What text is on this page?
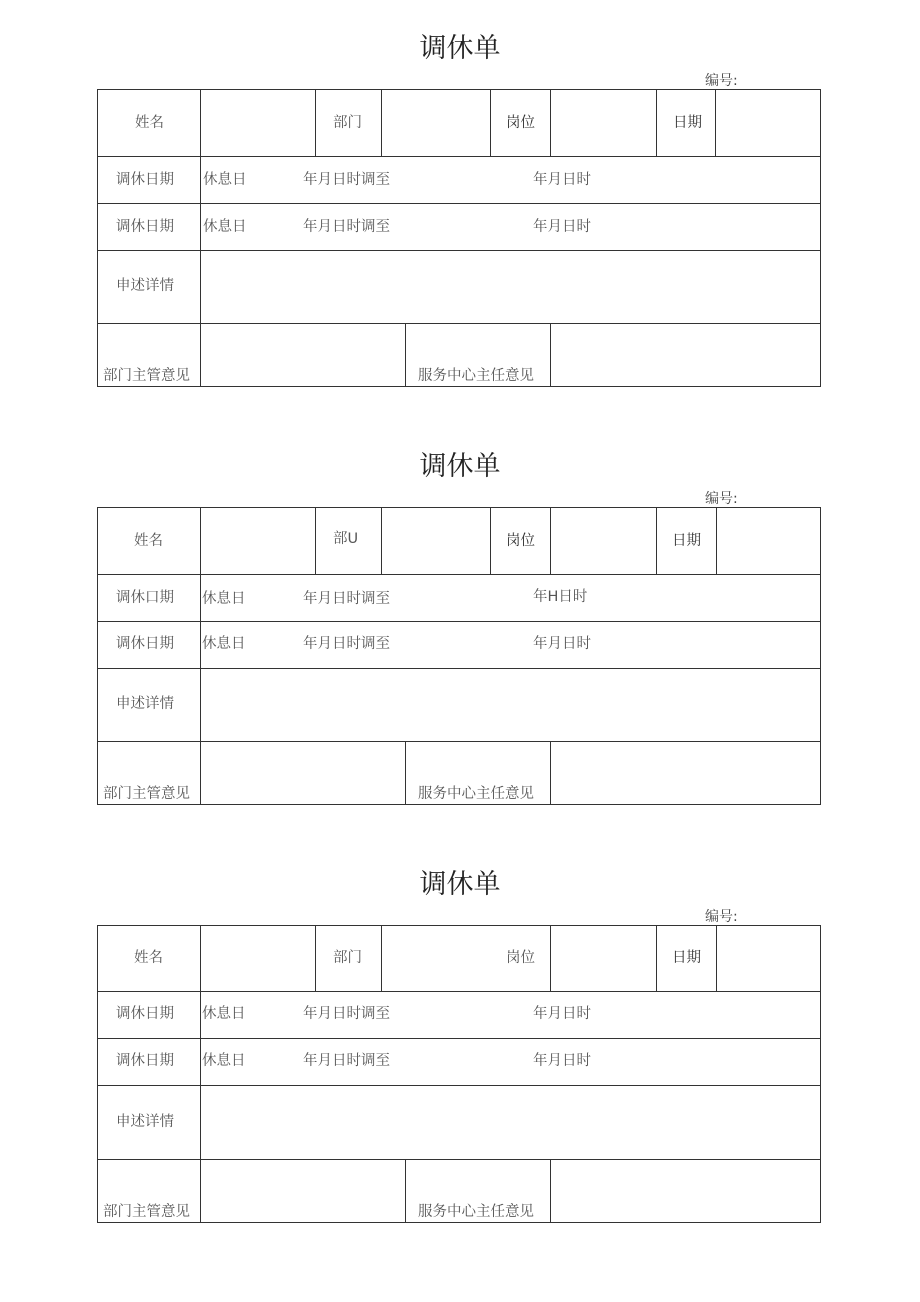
调休单
编号:
姓名	部门	岗位	日期
调休日期 休息日	年月日时调至	年月日时
调休日期 休息日	年月日时调至	年月日时
申述详情
部门主管意见	服务中心主任意见
调休单
编号:
姓名	部U	岗位	日期
调休口期 休息日	年月日时调至	年H日时
调休日期 休息日	年月日时调至	年月日时
申述详情
部门主管意见	服务中心主任意见
调休单
编号:
姓名	部门	岗位	日期
调休日期 休息日	年月日时调至	年月日时
调休日期 休息日	年月日时调至	年月日时
申述详情
部门主管意见	服务中心主任意见
